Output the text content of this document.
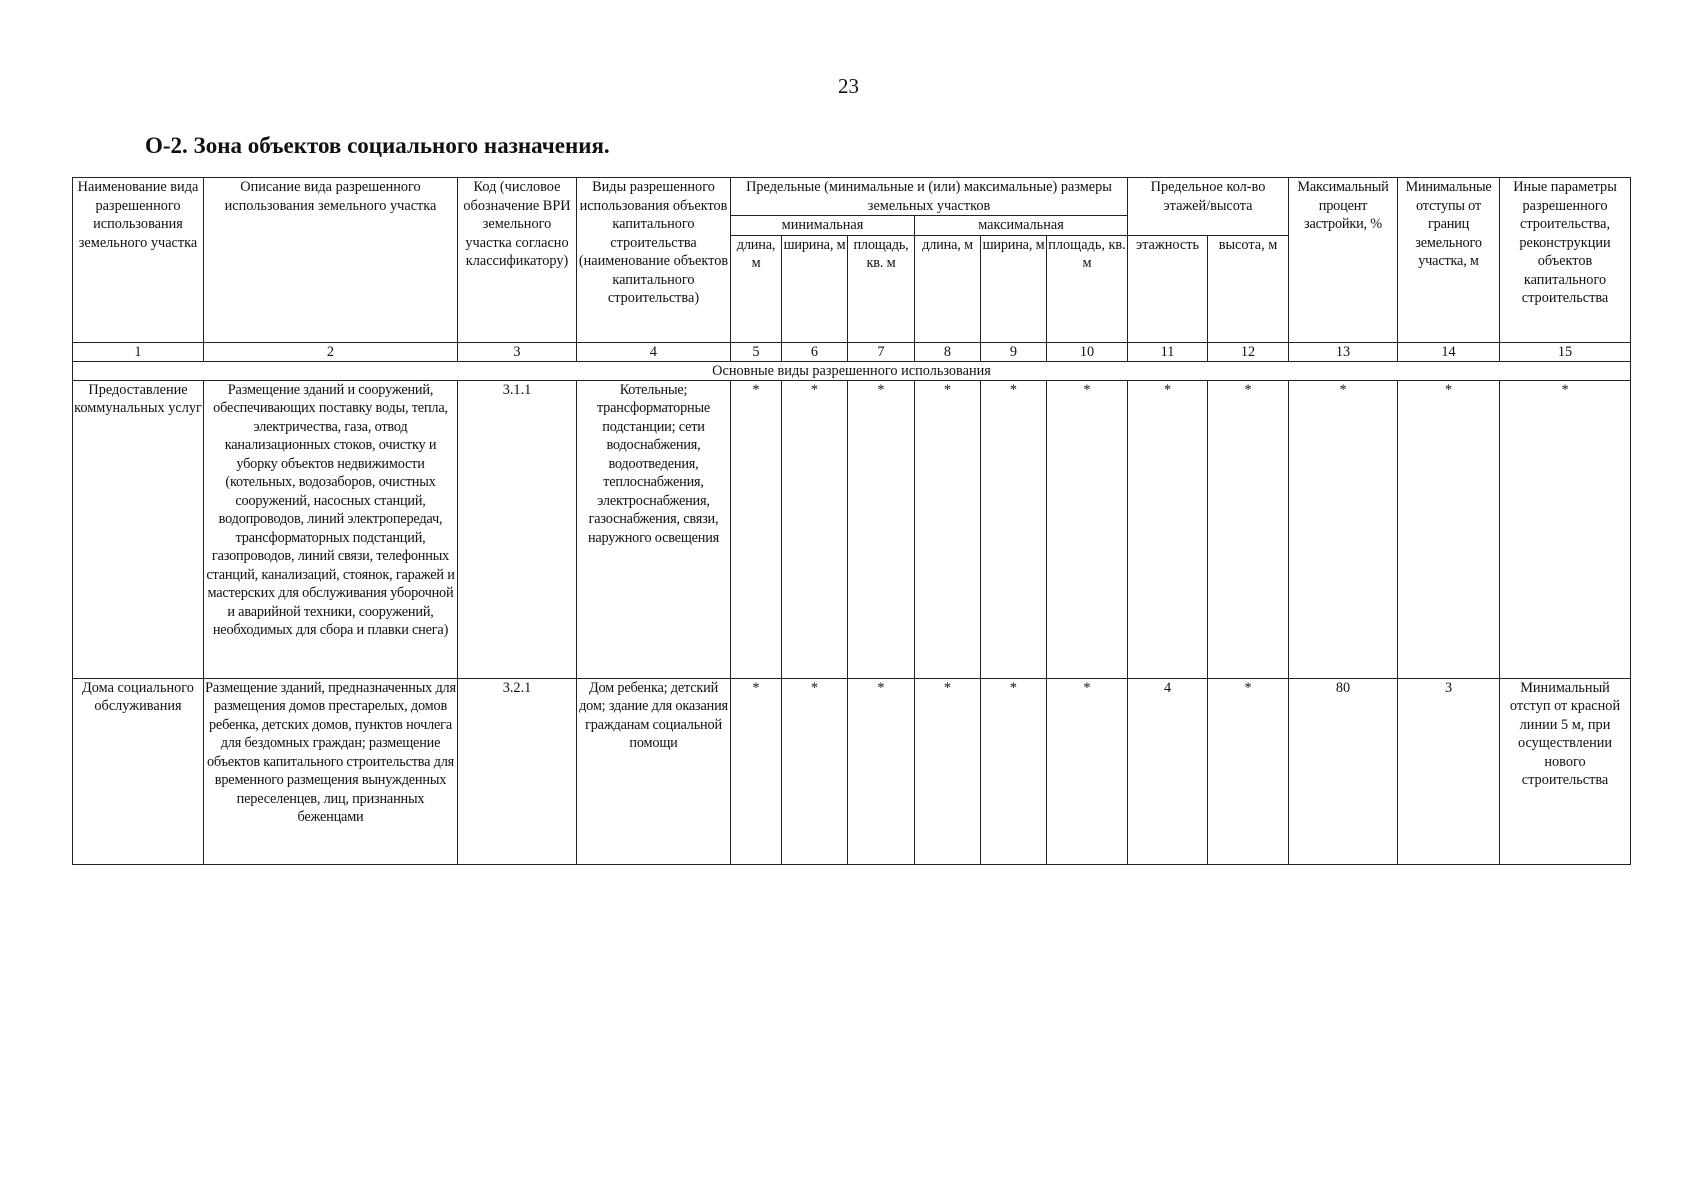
23
О-2. Зона объектов социального назначения.
Наименование вида разрешенного использования земельного участка	Описание вида разрешенного использования земельного участка	Код (числовое обозначение ВРИ земельного участка согласно классификатору)	Виды разрешенного использования объектов капитального строительства (наименование объектов капитального строительства)	Предельные (минимальные и (или) максимальные) размеры земельных участков						Предельное кол-во этажей/высота		Максимальный процент застройки, %	Минимальные отступы от границ земельного участка, м	Иные параметры разрешенного строительства, реконструкции объектов капитального строительства
				минимальная			максимальная							
				длина, м	ширина, м	площадь, кв. м	длина, м	ширина, м	площадь, кв. м	этажность	высота, м			
1	2	3	4	5	6	7	8	9	10	11	12	13	14	15
Основные виды разрешенного использования														
Предоставление коммунальных услуг	Размещение зданий и сооружений, обеспечивающих поставку воды, тепла, электричества, газа, отвод канализационных стоков, очистку и уборку объектов недвижимости (котельных, водозаборов, очистных сооружений, насосных станций, водопроводов, линий электропередач, трансформаторных подстанций, газопроводов, линий связи, телефонных станций, канализаций, стоянок, гаражей и мастерских для обслуживания уборочной и аварийной техники, сооружений, необходимых для сбора и плавки снега)	3.1.1	Котельные; трансформаторные подстанции; сети водоснабжения, водоотведения, теплоснабжения, электроснабжения, газоснабжения, связи, наружного освещения	*	*	*	*	*	*	*	*	*	*	*
Дома социального обслуживания	Размещение зданий, предназначенных для размещения домов престарелых, домов ребенка, детских домов, пунктов ночлега для бездомных граждан; размещение объектов капитального строительства для временного размещения вынужденных переселенцев, лиц, признанных беженцами	3.2.1	Дом ребенка; детский дом; здание для оказания гражданам социальной помощи	*	*	*	*	*	*	4	*	80	3	Минимальный отступ от красной линии 5 м, при осуществлении нового строительства
